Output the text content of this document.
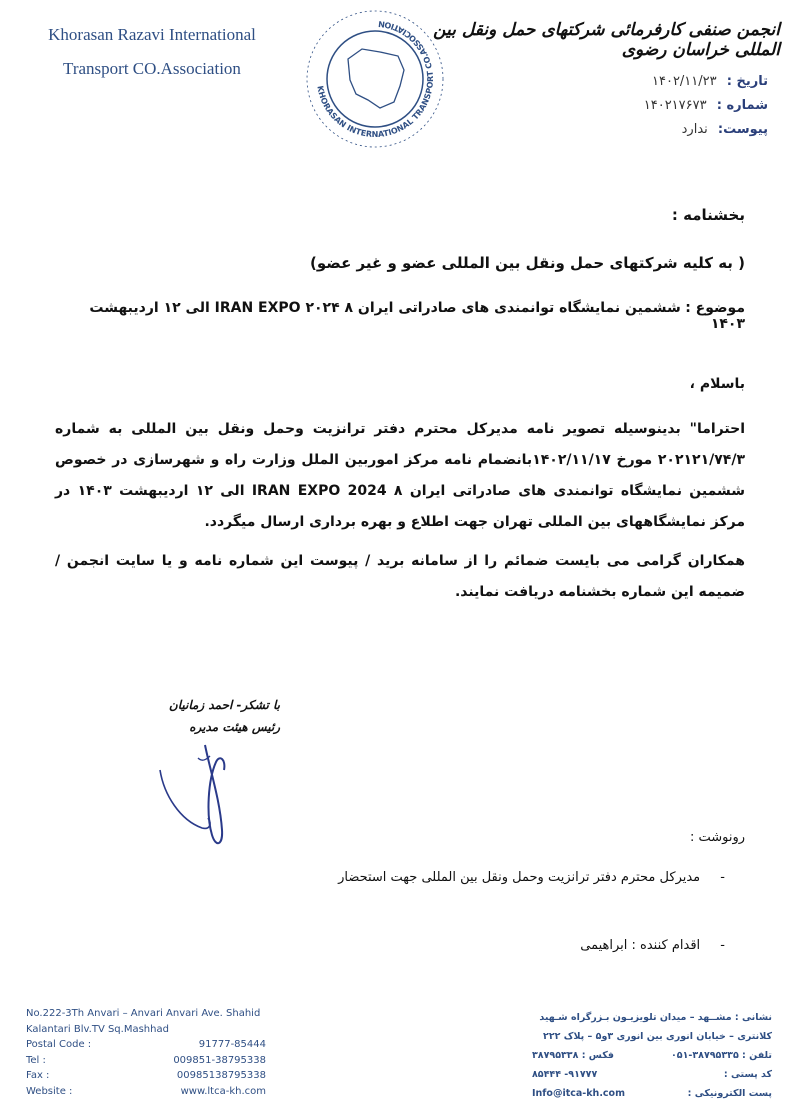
Khorasan Razavi International
Transport CO.Association
KHORASAN INTERNATIONAL TRANSPORT CO.ASSOCIATION	انجمن صنفی کارفرمائی شرکتهای حمل ونقل بین المللی خراسان رضوی
تاریخ : ۱۴۰۲/۱۱/۲۳
شماره : ۱۴۰۲۱۷۶۷۳
پیوست: ندارد
بخشنامه :
( به کلیه شرکتهای حمل ونقل بین المللی عضو و غیر عضو)
موضوع : ششمین نمایشگاه توانمندی های صادراتی ایران IRAN EXPO ۲۰۲۴ ۸ الی ۱۲ اردیبهشت ۱۴۰۳
باسلام ،

احتراما" بدینوسیله تصویر نامه مدیرکل محترم دفتر ترانزیت وحمل ونقل بین المللی به شماره ۲۰۲۱۲۱/۷۴/۳ مورخ ۱۴۰۲/۱۱/۱۷بانضمام نامه مرکز اموربین الملل وزارت راه و شهرسازی در خصوص ششمین نمایشگاه توانمندی های صادراتی ایران IRAN EXPO 2024 ۸ الی ۱۲ اردیبهشت ۱۴۰۳ در مرکز نمایشگاههای بین المللی تهران جهت اطلاع و بهره برداری ارسال میگردد.

همکاران گرامی می بایست ضمائم را از سامانه برید / پیوست این شماره نامه و یا سایت انجمن / ضمیمه این شماره بخشنامه دریافت نمایند.

با تشکر- احمد زمانیان
رئیس هیئت مدیره
رونوشت :
- مدیرکل محترم دفتر ترانزیت وحمل ونقل بین المللی جهت استحضار
- اقدام کننده : ابراهیمی
No.222-3Th Anvari – Anvari Anvari Ave. Shahid
Kalantari Blv.TV Sq.Mashhad
Postal Code :	91777-85444
Tel :	009851-38795338
Fax :	00985138795338
Website :	www.ltca-kh.com
نشانی : مشــهد – میدان تلویزیـون بـزرگراه شـهید
کلانتری – خیابان انوری بین انوری ۳و۵ – پلاک ۲۲۲
تلفن : ۳۸۷۹۵۳۳۵-۰۵۱
فکس : ۳۸۷۹۵۳۳۸
کد پستی :
۹۱۷۷۷- ۸۵۴۴۴
پست الکترونیکی :
Info@itca-kh.com
